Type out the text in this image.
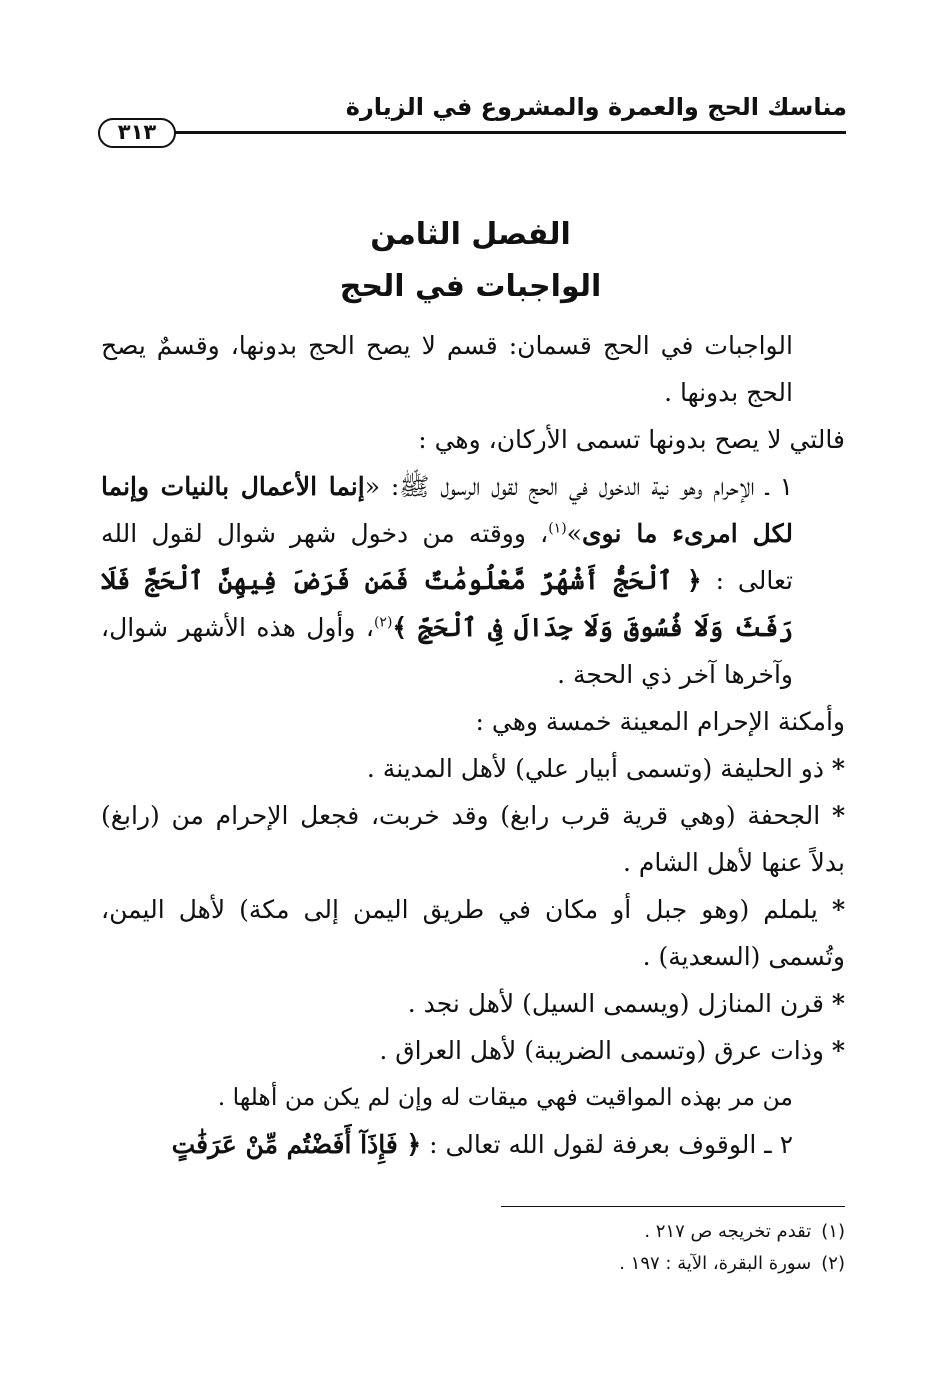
مناسك الحج والعمرة والمشروع في الزيارة
٣١٣
الفصل الثامن
الواجبات في الحج

الواجبات في الحج قسمان: قسم لا يصح الحج بدونها، وقسمٌ يصح الحج بدونها .

فالتي لا يصح بدونها تسمى الأركان، وهي :

١ ـ الإحرام وهو نية الدخول في الحج لقول الرسول ﷺ: «إنما الأعمال بالنيات وإنما لكل امرىء ما نوى»$^{(١)}$، ووقته من دخول شهر شوال لقول الله تعالى : ﴿ ٱلْحَجُّ أَشْهُرٌ مَّعْلُومَٰتٌ فَمَن فَرَضَ فِيهِنَّ ٱلْحَجَّ فَلَا رَفَثَ وَلَا فُسُوقَ وَلَا جِدَالَ فِى ٱلْحَجِّ ﴾$^{(٢)}$، وأول هذه الأشهر شوال، وآخرها آخر ذي الحجة .

وأمكنة الإحرام المعينة خمسة وهي :

* ذو الحليفة (وتسمى أبيار علي) لأهل المدينة .

* الجحفة (وهي قرية قرب رابغ) وقد خربت، فجعل الإحرام من (رابغ) بدلاً عنها لأهل الشام .

* يلملم (وهو جبل أو مكان في طريق اليمن إلى مكة) لأهل اليمن، وتُسمى (السعدية) .

* قرن المنازل (ويسمى السيل) لأهل نجد .

* وذات عرق (وتسمى الضريبة) لأهل العراق .

من مر بهذه المواقيت فهي ميقات له وإن لم يكن من أهلها .

٢ ـ الوقوف بعرفة لقول الله تعالى : ﴿ فَإِذَآ أَفَضْتُم مِّنْ عَرَفَٰتٍ

(١)تقدم تخريجه ص ٢١٧ .

(٢)سورة البقرة، الآية : ١٩٧ .
